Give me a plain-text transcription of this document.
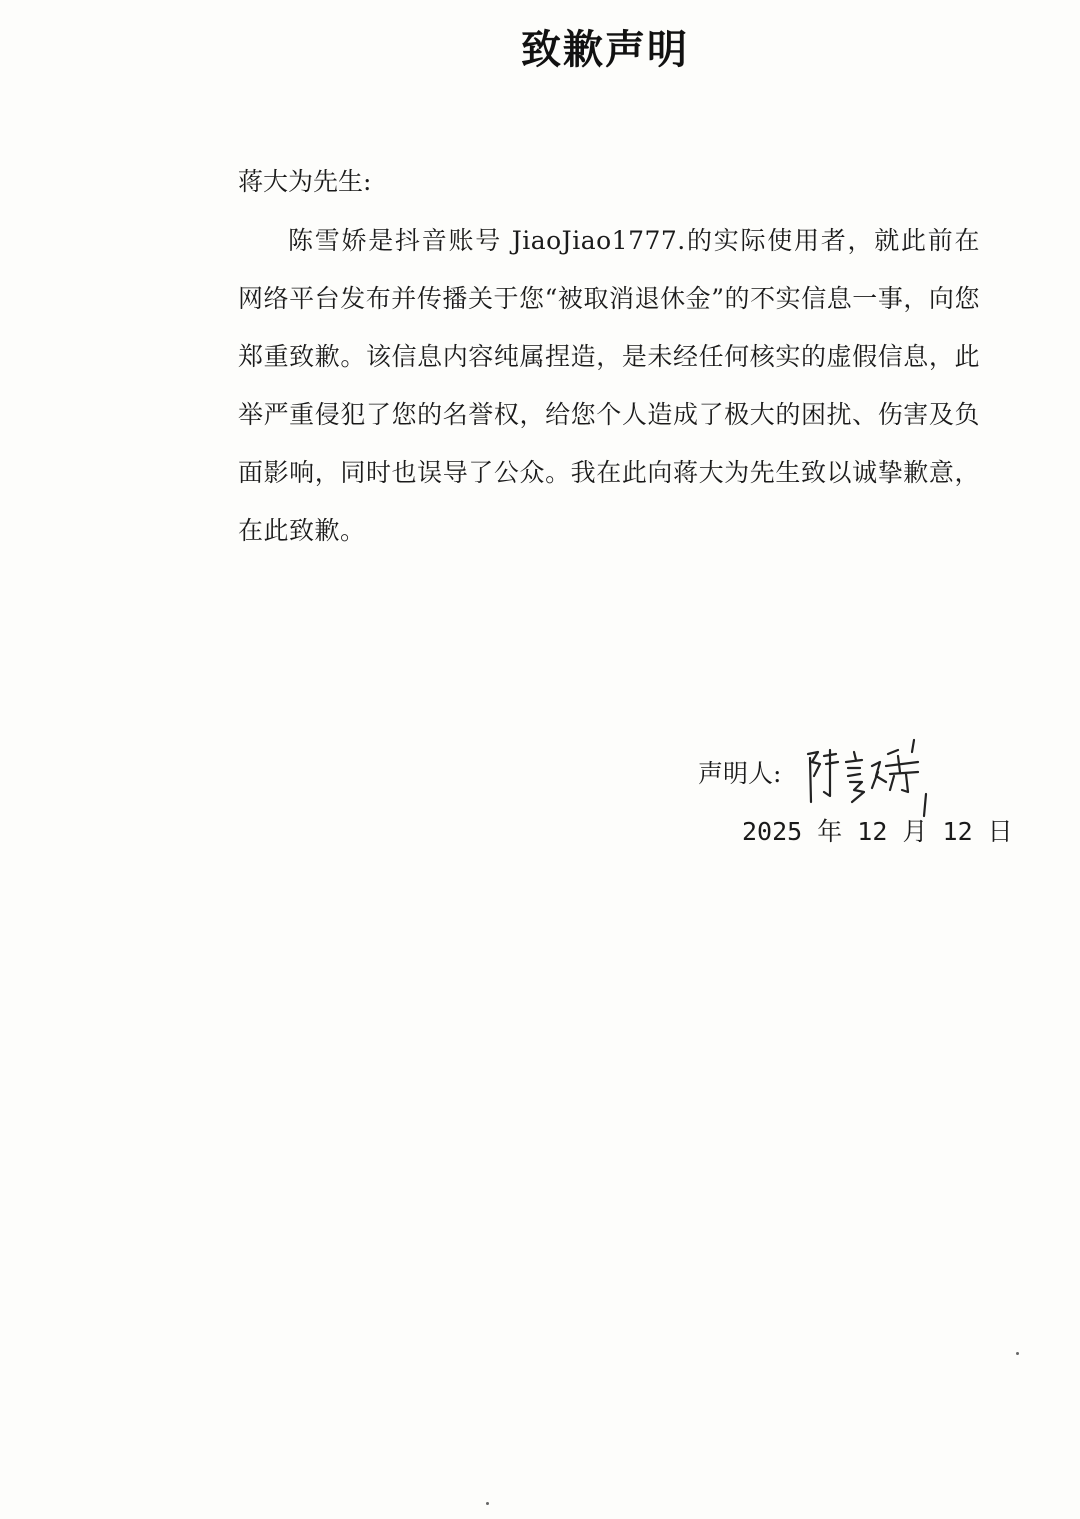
致歉声明
蒋大为先生:
陈雪娇是抖音账号 JiaoJiao1777.的实际使用者，就此前在网络平台发布并传播关于您“被取消退休金”的不实信息一事，向您郑重致歉。该信息内容纯属捏造，是未经任何核实的虚假信息，此举严重侵犯了您的名誉权，给您个人造成了极大的困扰、伤害及负面影响，同时也误导了公众。我在此向蒋大为先生致以诚挚歉意，在此致歉。
声明人:
2025 年 12 月 12 日
